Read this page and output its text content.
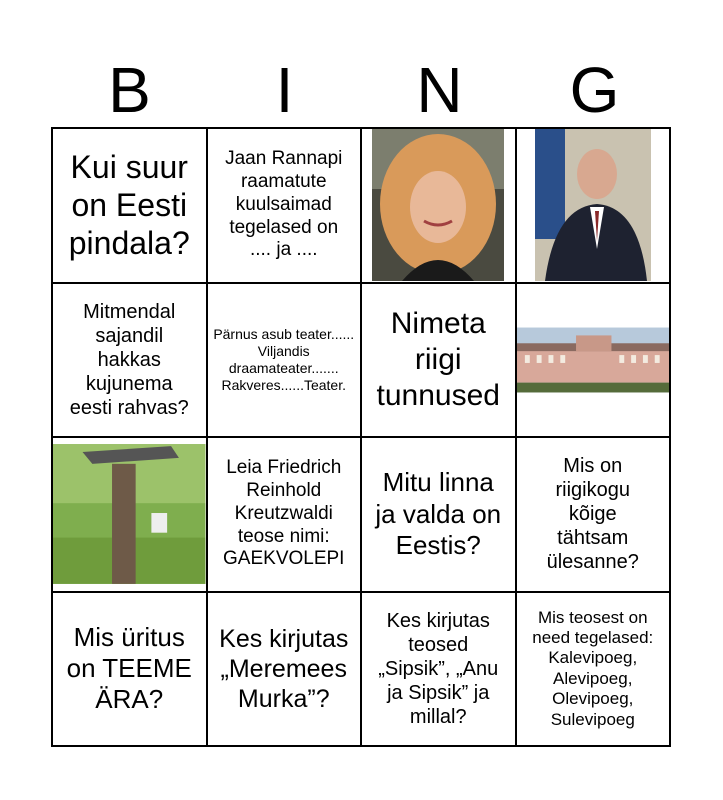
B	I	N	G
Kui suur on Eesti pindala?
Jaan Rannapi raamatute kuulsaimad tegelased on .... ja ....
Mitmendal sajandil hakkas kujunema eesti rahvas?
Pärnus asub teater...... Viljandis draamateater....... Rakveres......Teater.
Nimeta riigi tunnused
Leia Friedrich Reinhold Kreutzwaldi teose nimi: GAEKVOLEPI
Mitu linna ja valda on Eestis?
Mis on riigikogu kõige tähtsam ülesanne?
Mis üritus on TEEME ÄRA?
Kes kirjutas „Meremees Murka”?
Kes kirjutas teosed „Sipsik”, „Anu ja Sipsik” ja millal?
Mis teosest on need tegelased: Kalevipoeg, Alevipoeg, Olevipoeg, Sulevipoeg
